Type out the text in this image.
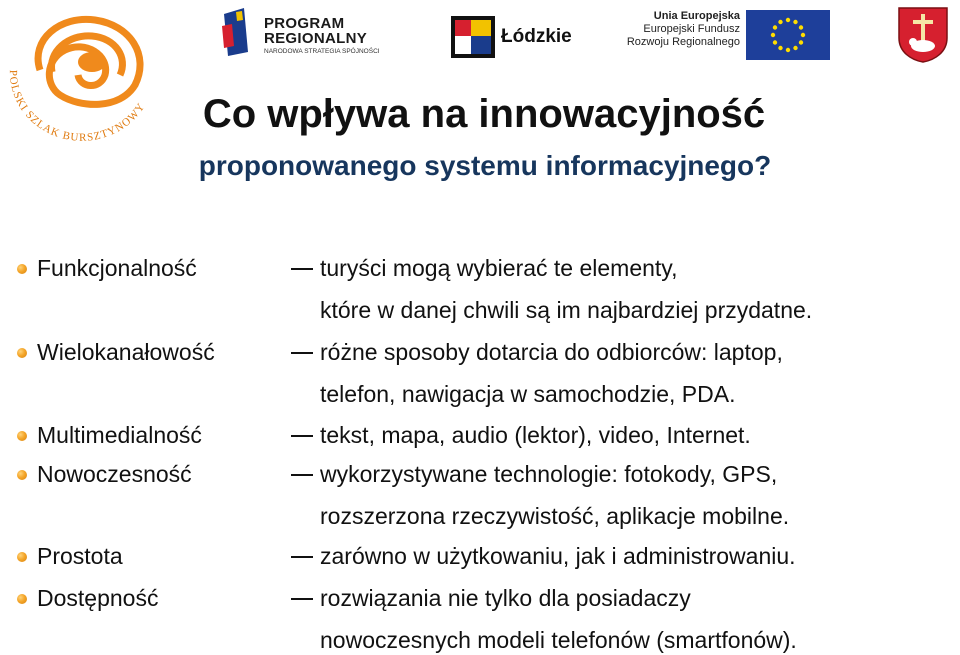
POLSKI SZLAK BURSZTYNOWY
PROGRAM
REGIONALNY
NARODOWA STRATEGIA SPÓJNOŚCI
Łódzkie
Unia Europejska
Europejski Fundusz
Rozwoju Regionalnego
Co wpływa na innowacyjność
proponowanego systemu informacyjnego?
Funkcjonalność	turyści mogą wybierać te elementy,
które w danej chwili są im najbardziej przydatne.
Wielokanałowość	różne sposoby dotarcia do odbiorców: laptop,
telefon, nawigacja w samochodzie, PDA.
Multimedialność	tekst, mapa, audio (lektor), video, Internet.
Nowoczesność	wykorzystywane technologie: fotokody, GPS,
rozszerzona rzeczywistość, aplikacje mobilne.
Prostota	zarówno w użytkowaniu, jak i administrowaniu.
Dostępność	rozwiązania nie tylko dla posiadaczy
nowoczesnych modeli telefonów (smartfonów).
